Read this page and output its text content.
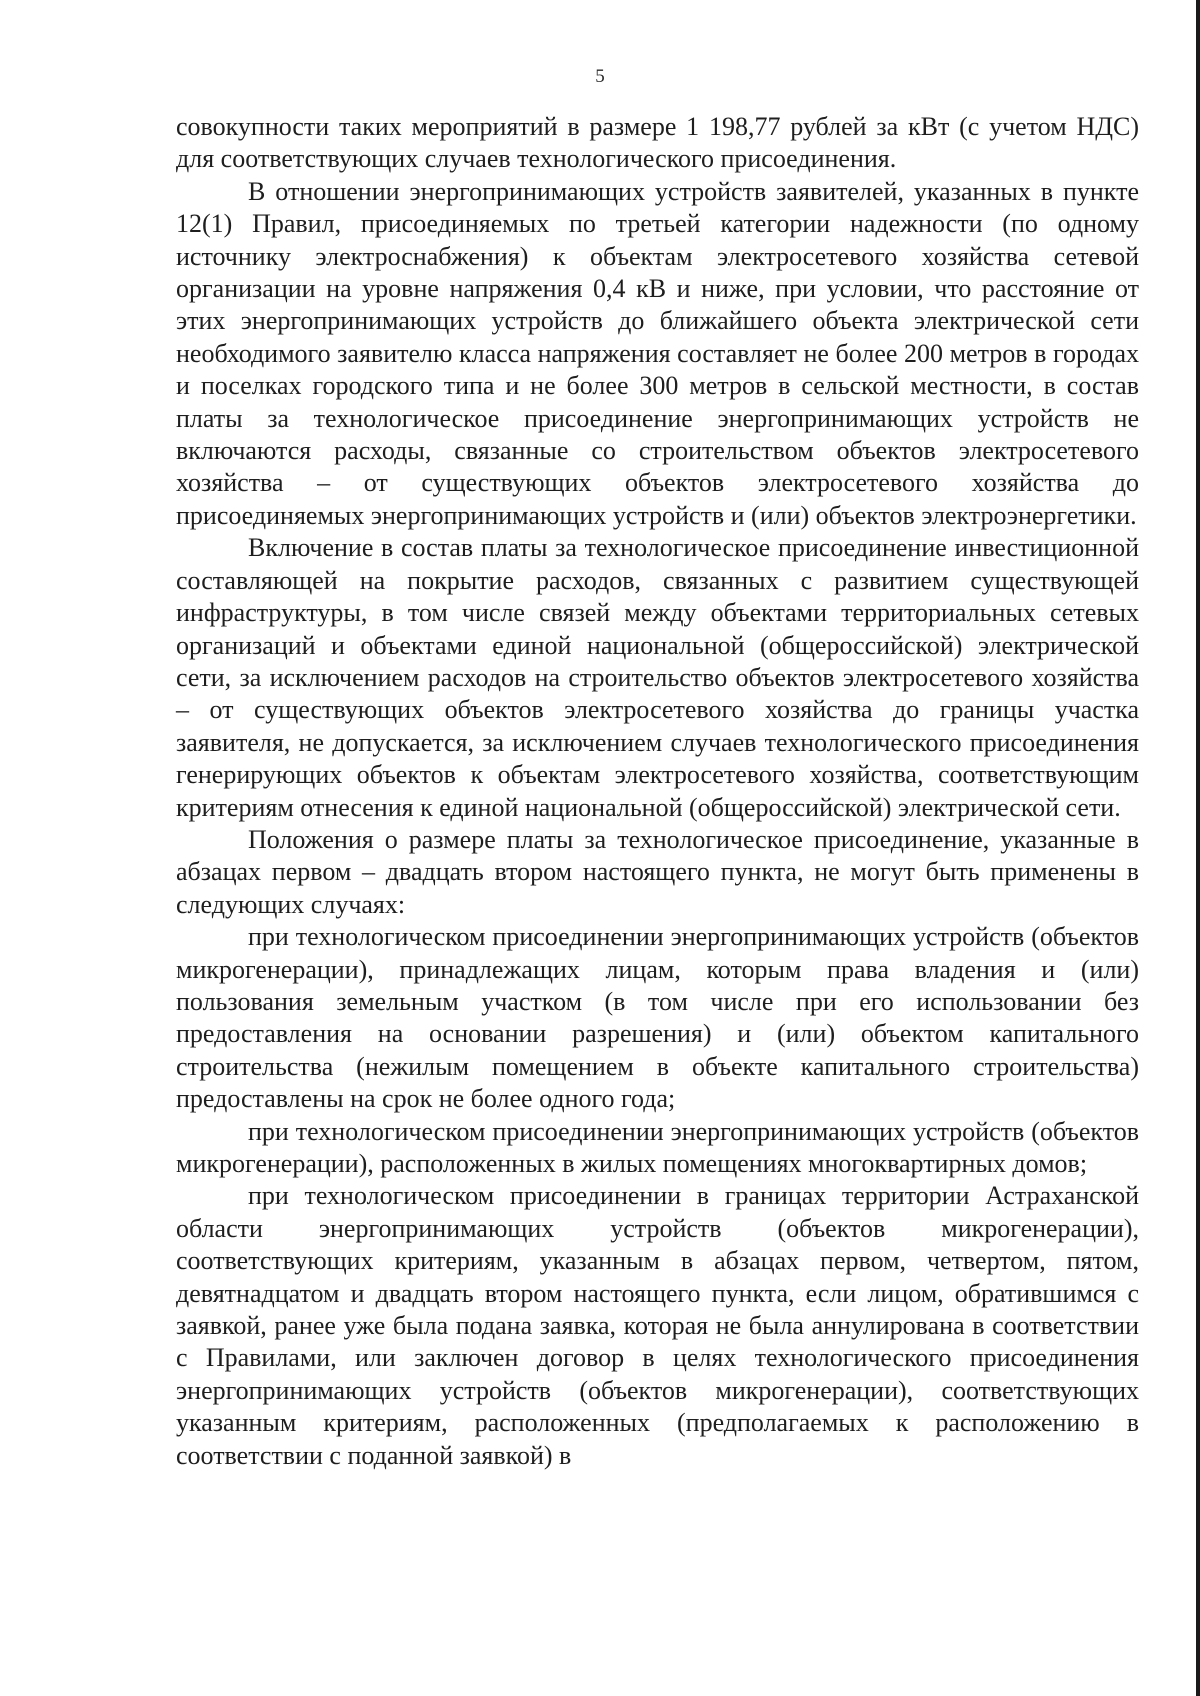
5

совокупности таких мероприятий в размере 1 198,77 рублей за кВт (с учетом НДС) для соответствующих случаев технологического присоединения.

В отношении энергопринимающих устройств заявителей, указанных в пункте 12(1) Правил, присоединяемых по третьей категории надежности (по одному источнику электроснабжения) к объектам электросетевого хозяйства сетевой организации на уровне напряжения 0,4 кВ и ниже, при условии, что расстояние от этих энергопринимающих устройств до ближайшего объекта электрической сети необходимого заявителю класса напряжения составляет не более 200 метров в городах и поселках городского типа и не более 300 метров в сельской местности, в состав платы за технологическое присоединение энергопринимающих устройств не включаются расходы, связанные со строительством объектов электросетевого хозяйства – от существующих объектов электросетевого хозяйства до присоединяемых энергопринимающих устройств и (или) объектов электроэнергетики.

Включение в состав платы за технологическое присоединение инвестиционной составляющей на покрытие расходов, связанных с развитием существующей инфраструктуры, в том числе связей между объектами территориальных сетевых организаций и объектами единой национальной (общероссийской) электрической сети, за исключением расходов на строительство объектов электросетевого хозяйства – от существующих объектов электросетевого хозяйства до границы участка заявителя, не допускается, за исключением случаев технологического присоединения генерирующих объектов к объектам электросетевого хозяйства, соответствующим критериям отнесения к единой национальной (общероссийской) электрической сети.

Положения о размере платы за технологическое присоединение, указанные в абзацах первом – двадцать втором настоящего пункта, не могут быть применены в следующих случаях:

при технологическом присоединении энергопринимающих устройств (объектов микрогенерации), принадлежащих лицам, которым права владения и (или) пользования земельным участком (в том числе при его использовании без предоставления на основании разрешения) и (или) объектом капитального строительства (нежилым помещением в объекте капитального строительства) предоставлены на срок не более одного года;

при технологическом присоединении энергопринимающих устройств (объектов микрогенерации), расположенных в жилых помещениях многоквартирных домов;

при технологическом присоединении в границах территории Астраханской области энергопринимающих устройств (объектов микрогенерации), соответствующих критериям, указанным в абзацах первом, четвертом, пятом, девятнадцатом и двадцать втором настоящего пункта, если лицом, обратившимся с заявкой, ранее уже была подана заявка, которая не была аннулирована в соответствии с Правилами, или заключен договор в целях технологического присоединения энергопринимающих устройств (объектов микрогенерации), соответствующих указанным критериям, расположенных (предполагаемых к расположению в соответствии с поданной заявкой) в
